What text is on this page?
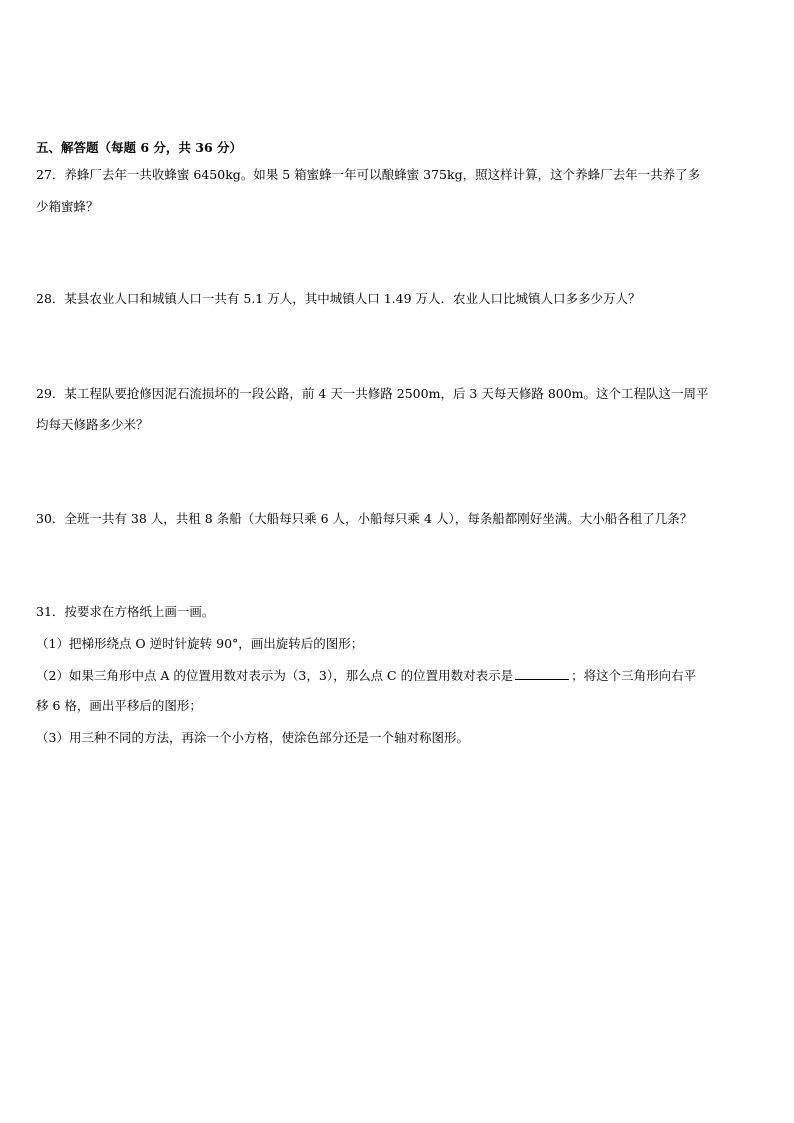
五、解答题（每题 6 分，共 36 分）
27．养蜂厂去年一共收蜂蜜 6450kg。如果 5 箱蜜蜂一年可以酿蜂蜜 375kg，照这样计算，这个养蜂厂去年一共养了多
少箱蜜蜂？
28．某县农业人口和城镇人口一共有 5.1 万人，其中城镇人口 1.49 万人．农业人口比城镇人口多多少万人？
29．某工程队要抢修因泥石流损坏的一段公路，前 4 天一共修路 2500m，后 3 天每天修路 800m。这个工程队这一周平
均每天修路多少米？
30．全班一共有 38 人，共租 8 条船（大船每只乘 6 人，小船每只乘 4 人），每条船都刚好坐满。大小船各租了几条？
31．按要求在方格纸上画一画。
（1）把梯形绕点 O 逆时针旋转 90°，画出旋转后的图形；
（2）如果三角形中点 A 的位置用数对表示为（3，3），那么点 C 的位置用数对表示是	；将这个三角形向右平
移 6 格，画出平移后的图形；
（3）用三种不同的方法，再涂一个小方格，使涂色部分还是一个轴对称图形。
